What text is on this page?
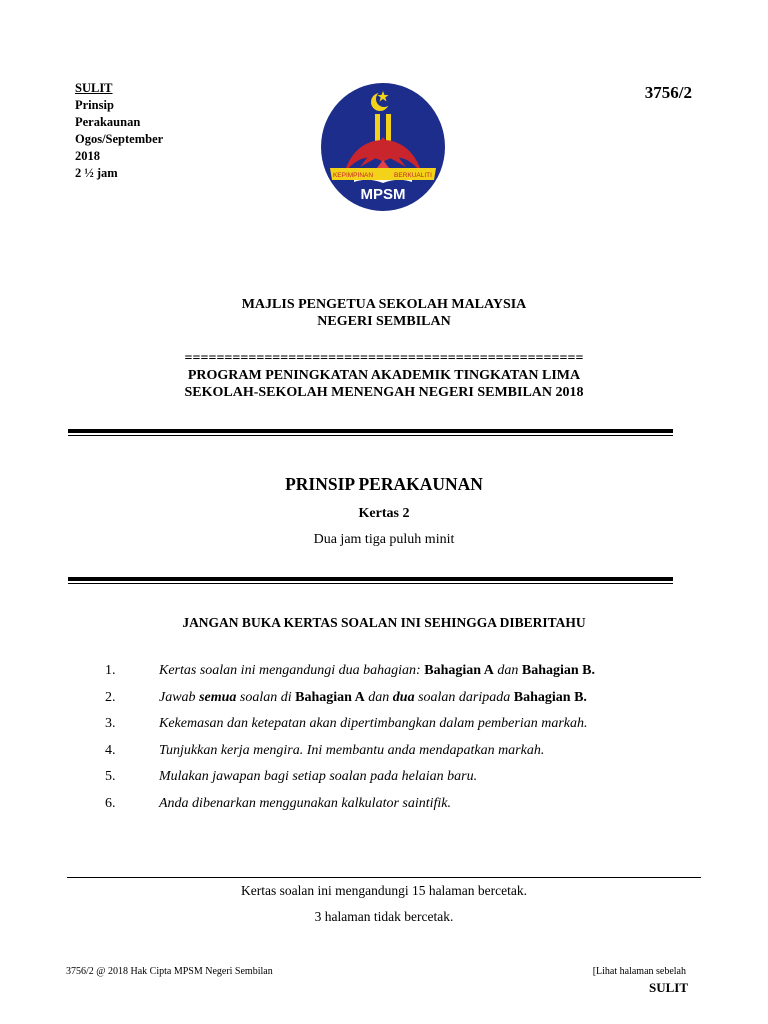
SULIT
Prinsip
Perakaunan
Ogos/September
2018
2 ½ jam
3756/2
KEPIMPINAN	BERKUALITI
MPSM
MAJLIS PENGETUA SEKOLAH MALAYSIA
NEGERI SEMBILAN
==================================================
PROGRAM PENINGKATAN AKADEMIK TINGKATAN LIMA
SEKOLAH-SEKOLAH MENENGAH NEGERI SEMBILAN 2018
PRINSIP PERAKAUNAN
Kertas 2
Dua jam tiga puluh minit
JANGAN BUKA KERTAS SOALAN INI SEHINGGA DIBERITAHU
1.	Kertas soalan ini mengandungi dua bahagian: Bahagian A dan Bahagian B.
2.	Jawab semua soalan di Bahagian A dan dua soalan daripada Bahagian B.
3.	Kekemasan dan ketepatan akan dipertimbangkan dalam pemberian markah.
4.	Tunjukkan kerja mengira. Ini membantu anda mendapatkan markah.
5.	Mulakan jawapan bagi setiap soalan pada helaian baru.
6.	Anda dibenarkan menggunakan kalkulator saintifik.
Kertas soalan ini mengandungi 15 halaman bercetak.
3 halaman tidak bercetak.
3756/2 @ 2018 Hak Cipta MPSM Negeri Sembilan	[Lihat halaman sebelah
SULIT
